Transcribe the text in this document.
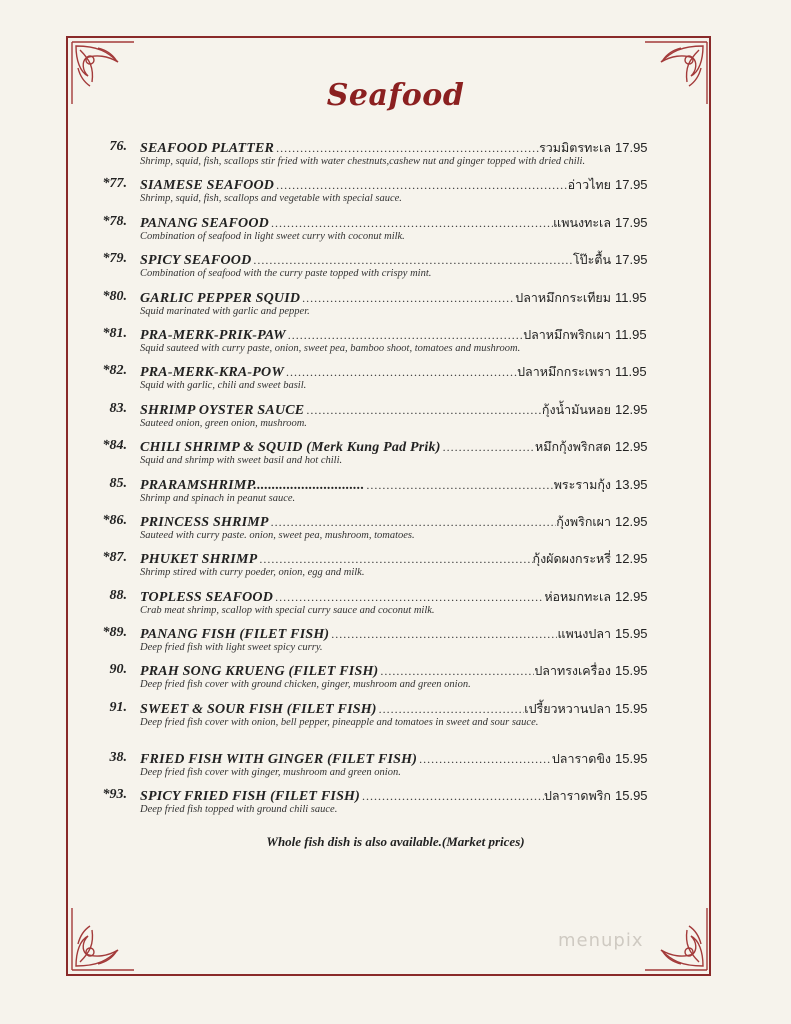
Seafood
76. SEAFOOD PLATTER .....	รวมมิตรทะเล 17.95
Shrimp, squid, fish, scallops stir fried with water chestnuts,cashew nut and ginger topped with dried chili.
*77. SIAMESE SEAFOOD .....	อ่าวไทย 17.95
Shrimp, squid, fish, scallops and vegetable with special sauce.
*78. PANANG SEAFOOD .....	แพนงทะเล 17.95
Combination of seafood in light sweet curry with coconut milk.
*79. SPICY SEAFOOD .....	โป๊ะตื้น 17.95
Combination of seafood with the curry paste topped with crispy mint.
*80. GARLIC PEPPER SQUID .....	ปลาหมึกกระเทียม 11.95
Squid marinated with garlic and pepper.
*81. PRA-MERK-PRIK-PAW .....	ปลาหมึกพริกเผา 11.95
Squid sauteed with curry paste, onion, sweet pea, bamboo shoot, tomatoes and mushroom.
*82. PRA-MERK-KRA-POW .....	ปลาหมึกกระเพรา 11.95
Squid with garlic, chili and sweet basil.
83. SHRIMP OYSTER SAUCE .....	กุ้งน้ำมันหอย 12.95
Sauteed onion, green onion, mushroom.
*84. CHILI SHRIMP & SQUID (Merk Kung Pad Prik) .....	หมึกกุ้งพริกสด 12.95
Squid and shrimp with sweet basil and hot chili.
85. PRARAMSHRIMP.............................. .....	พระรามกุ้ง 13.95
Shrimp and spinach in peanut sauce.
*86. PRINCESS SHRIMP .....	กุ้งพริกเผา 12.95
Sauteed with curry paste. onion, sweet pea, mushroom, tomatoes.
*87. PHUKET SHRIMP .....	กุ้งผัดผงกระหรี่ 12.95
Shrimp stired with curry poeder, onion, egg and milk.
88. TOPLESS SEAFOOD .....	ห่อหมกทะเล 12.95
Crab meat shrimp, scallop with special curry sauce and coconut milk.
*89. PANANG FISH (FILET FISH) .....	แพนงปลา 15.95
Deep fried fish with light sweet spicy curry.
90. PRAH SONG KRUENG (FILET FISH) .....	ปลาทรงเครื่อง 15.95
Deep fried fish cover with ground chicken, ginger, mushroom and green onion.
91. SWEET & SOUR FISH (FILET FISH) .....	เปรี้ยวหวานปลา 15.95
Deep fried fish cover with onion, bell pepper, pineapple and tomatoes in sweet and sour sauce.
38. FRIED FISH WITH GINGER (FILET FISH) .....	ปลาราดขิง 15.95
Deep fried fish cover with ginger, mushroom and green onion.
*93. SPICY FRIED FISH (FILET FISH) .....	ปลาราดพริก 15.95
Deep fried fish topped with ground chili sauce.
Whole fish dish is also available.(Market prices)
menupix
